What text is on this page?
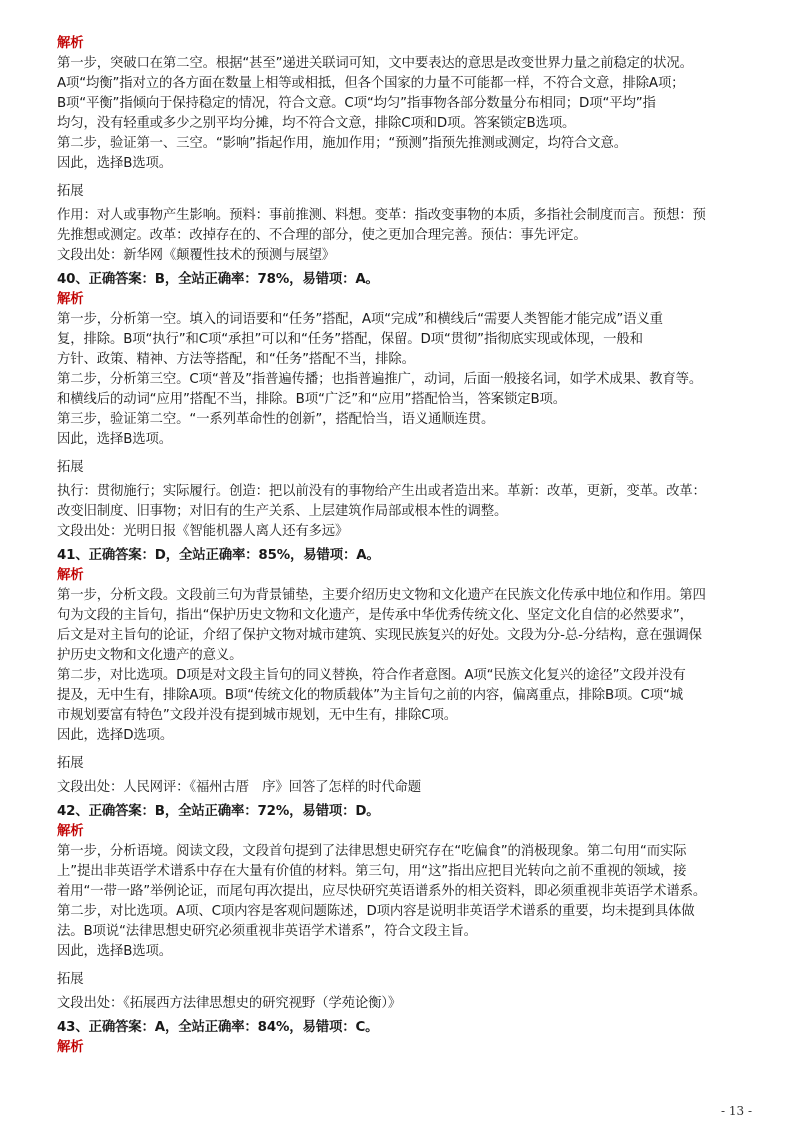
解析
第一步，突破口在第二空。根据“甚至”递进关联词可知，文中要表达的意思是改变世界力量之前稳定的状况。
A项“均衡”指对立的各方面在数量上相等或相抵，但各个国家的力量不可能都一样，不符合文意，排除A项；
B项“平衡”指倾向于保持稳定的情况，符合文意。C项“均匀”指事物各部分数量分布相同；D项“平均”指
均匀，没有轻重或多少之别平均分摊，均不符合文意，排除C项和D项。答案锁定B选项。
第二步，验证第一、三空。“影响”指起作用，施加作用；“预测”指预先推测或测定，均符合文意。
因此，选择B选项。
拓展
作用：对人或事物产生影响。预料：事前推测、料想。变革：指改变事物的本质，多指社会制度而言。预想：预
先推想或测定。改革：改掉存在的、不合理的部分，使之更加合理完善。预估：事先评定。
文段出处：新华网《颠覆性技术的预测与展望》
40、正确答案：B，全站正确率：78%，易错项：A。
解析
第一步，分析第一空。填入的词语要和“任务”搭配，A项“完成”和横线后“需要人类智能才能完成”语义重
复，排除。B项“执行”和C项“承担”可以和“任务”搭配，保留。D项“贯彻”指彻底实现或体现，一般和
方针、政策、精神、方法等搭配，和“任务”搭配不当，排除。
第二步，分析第三空。C项“普及”指普遍传播；也指普遍推广，动词，后面一般接名词，如学术成果、教育等。
和横线后的动词“应用”搭配不当，排除。B项“广泛”和“应用”搭配恰当，答案锁定B项。
第三步，验证第二空。“一系列革命性的创新”，搭配恰当，语义通顺连贯。
因此，选择B选项。
拓展
执行：贯彻施行；实际履行。创造：把以前没有的事物给产生出或者造出来。革新：改革，更新，变革。改革：
改变旧制度、旧事物；对旧有的生产关系、上层建筑作局部或根本性的调整。
文段出处：光明日报《智能机器人离人还有多远》
41、正确答案：D，全站正确率：85%，易错项：A。
解析
第一步，分析文段。文段前三句为背景铺垫，主要介绍历史文物和文化遗产在民族文化传承中地位和作用。第四
句为文段的主旨句，指出“保护历史文物和文化遗产，是传承中华优秀传统文化、坚定文化自信的必然要求”，
后文是对主旨句的论证，介绍了保护文物对城市建筑、实现民族复兴的好处。文段为分-总-分结构，意在强调保
护历史文物和文化遗产的意义。
第二步，对比选项。D项是对文段主旨句的同义替换，符合作者意图。A项“民族文化复兴的途径”文段并没有
提及，无中生有，排除A项。B项“传统文化的物质载体”为主旨句之前的内容，偏离重点，排除B项。C项“城
市规划要富有特色”文段并没有提到城市规划，无中生有，排除C项。
因此，选择D选项。
拓展
文段出处：人民网评：《福州古厝　序》回答了怎样的时代命题
42、正确答案：B，全站正确率：72%，易错项：D。
解析
第一步，分析语境。阅读文段，文段首句提到了法律思想史研究存在“吃偏食”的消极现象。第二句用“而实际
上”提出非英语学术谱系中存在大量有价值的材料。第三句，用“这”指出应把目光转向之前不重视的领域，接
着用“一带一路”举例论证，而尾句再次提出，应尽快研究英语谱系外的相关资料，即必须重视非英语学术谱系。
第二步，对比选项。A项、C项内容是客观问题陈述，D项内容是说明非英语学术谱系的重要，均未提到具体做
法。B项说“法律思想史研究必须重视非英语学术谱系”，符合文段主旨。
因此，选择B选项。
拓展
文段出处：《拓展西方法律思想史的研究视野（学苑论衡）》
43、正确答案：A，全站正确率：84%，易错项：C。
解析
- 13 -
